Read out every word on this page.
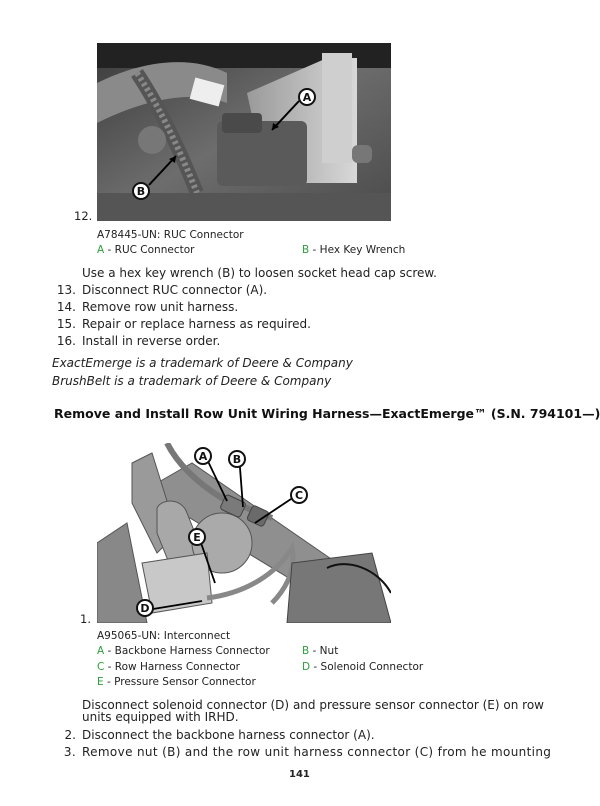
12.
A
B
A78445-UN: RUC Connector
A - RUC Connector	B - Hex Key Wrench
Use a hex key wrench (B) to loosen socket head cap screw.
13. Disconnect RUC connector (A).
14. Remove row unit harness.
15. Repair or replace harness as required.
16. Install in reverse order.
ExactEmerge is a trademark of Deere & Company
BrushBelt is a trademark of Deere & Company
Remove and Install Row Unit Wiring Harness—ExactEmerge™ (S.N. 794101—)
1.
A B
C
D
E
A95065-UN: Interconnect
A - Backbone Harness Connector	B - Nut
C - Row Harness Connector	D - Solenoid Connector
E - Pressure Sensor Connector
Disconnect solenoid connector (D) and pressure sensor connector (E) on row units equipped with IRHD.
2. Disconnect the backbone harness connector (A).
3. Remove nut (B) and the row unit harness connector (C) from he mounting
141
